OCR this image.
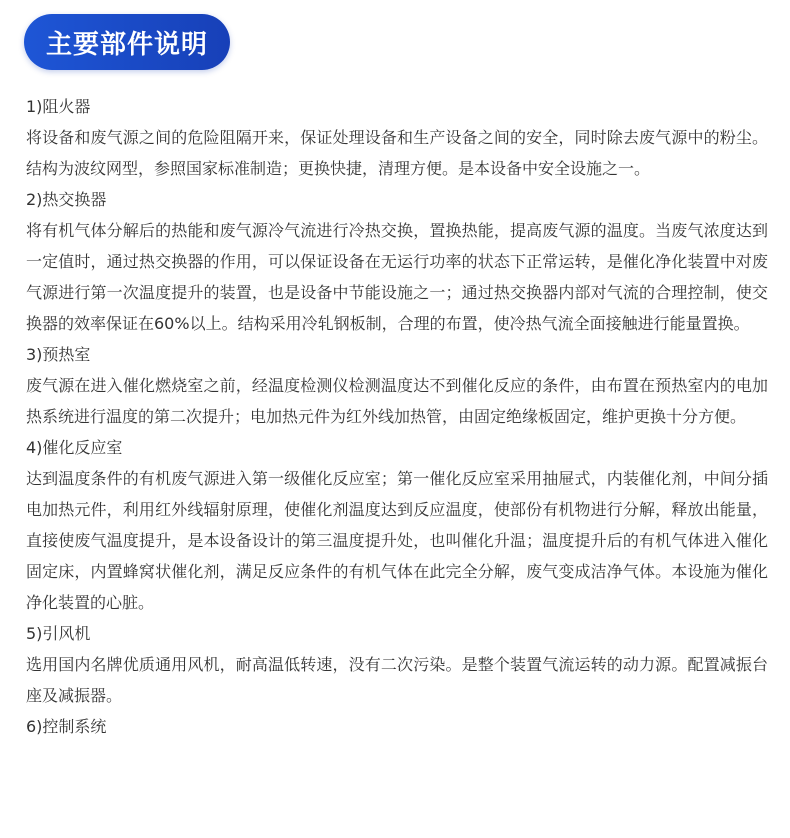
主要部件说明

1)阻火器

将设备和废气源之间的危险阻隔开来，保证处理设备和生产设备之间的安全，同时除去废气源中的粉尘。结构为波纹网型，参照国家标准制造；更换快捷，清理方便。是本设备中安全设施之一。

2)热交换器

将有机气体分解后的热能和废气源冷气流进行冷热交换，置换热能，提高废气源的温度。当废气浓度达到一定值时，通过热交换器的作用，可以保证设备在无运行功率的状态下正常运转，是催化净化装置中对废气源进行第一次温度提升的装置，也是设备中节能设施之一；通过热交换器内部对气流的合理控制，使交换器的效率保证在60%以上。结构采用冷轧钢板制，合理的布置，使冷热气流全面接触进行能量置换。

3)预热室

废气源在进入催化燃烧室之前，经温度检测仪检测温度达不到催化反应的条件，由布置在预热室内的电加热系统进行温度的第二次提升；电加热元件为红外线加热管，由固定绝缘板固定，维护更换十分方便。

4)催化反应室

达到温度条件的有机废气源进入第一级催化反应室；第一催化反应室采用抽屉式，内装催化剂，中间分插电加热元件，利用红外线辐射原理，使催化剂温度达到反应温度，使部份有机物进行分解，释放出能量，直接使废气温度提升，是本设备设计的第三温度提升处，也叫催化升温；温度提升后的有机气体进入催化固定床，内置蜂窝状催化剂，满足反应条件的有机气体在此完全分解，废气变成洁净气体。本设施为催化净化装置的心脏。

5)引风机

选用国内名牌优质通用风机，耐高温低转速，没有二次污染。是整个装置气流运转的动力源。配置减振台座及减振器。

6)控制系统
